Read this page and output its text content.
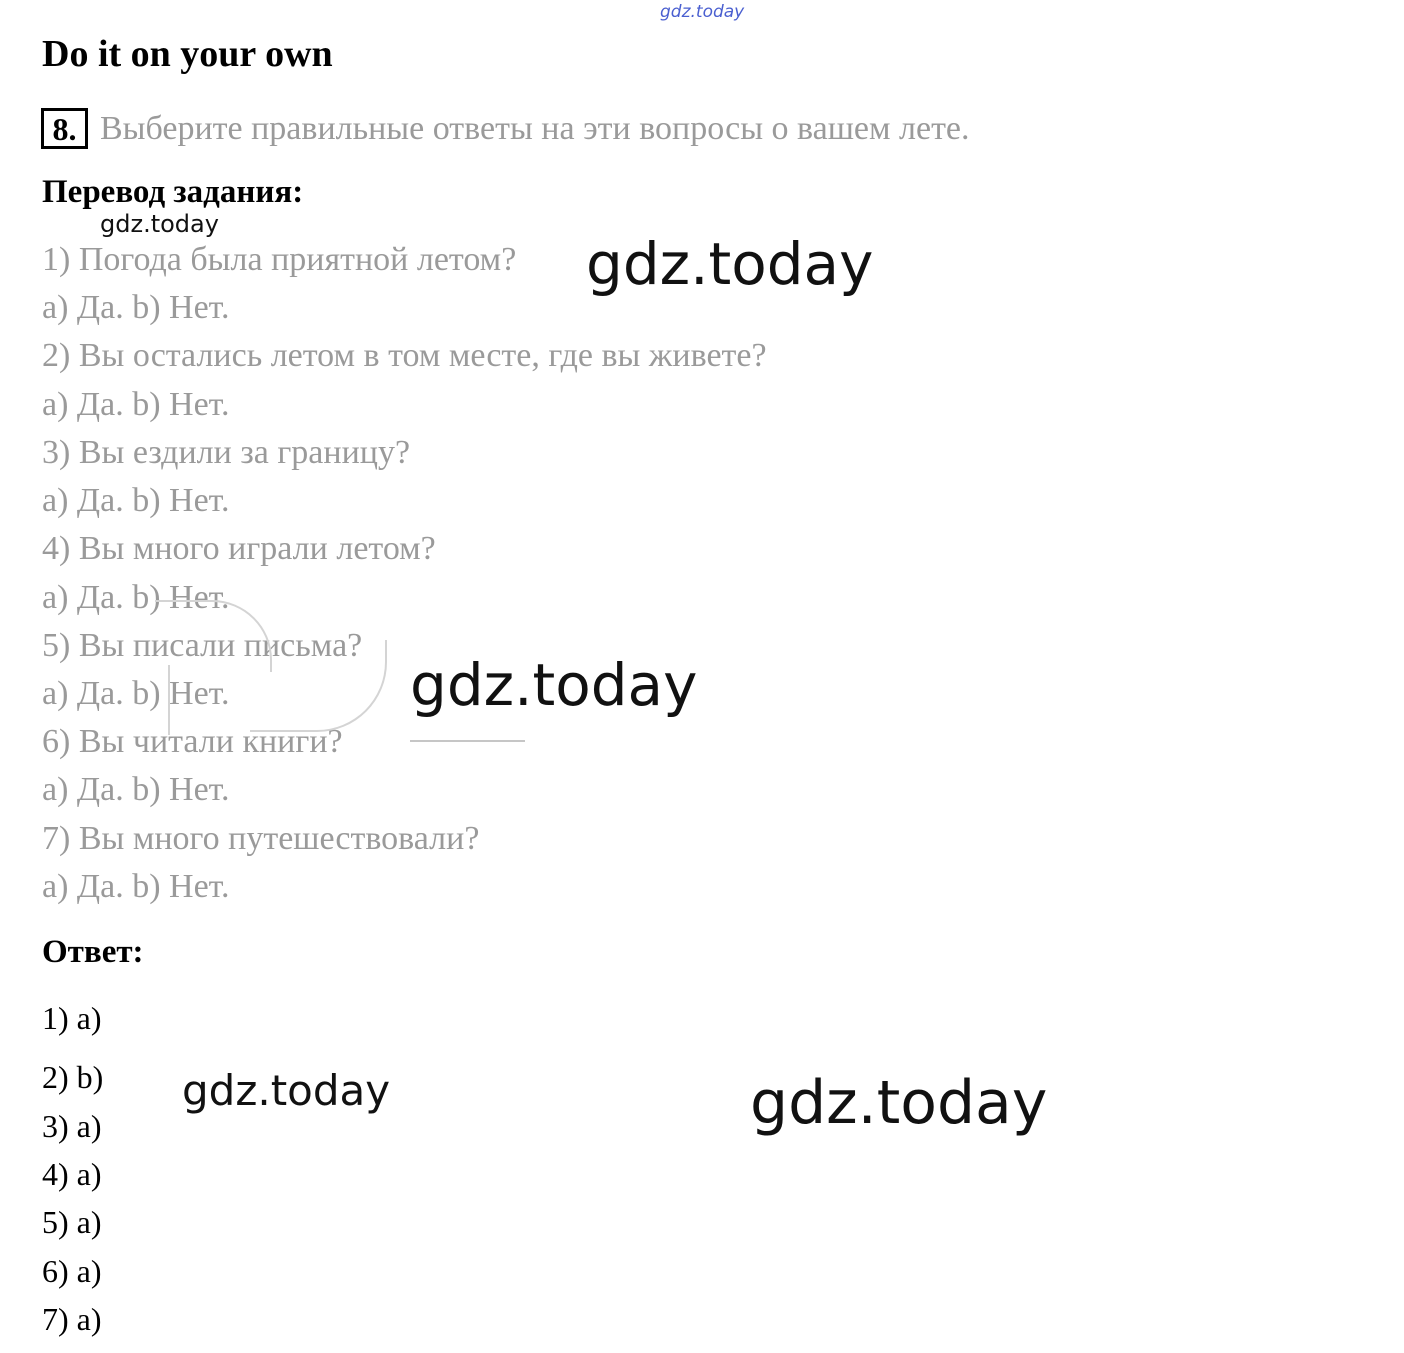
gdz.today
Do it on your own
8. Выберите правильные ответы на эти вопросы о вашем лете.
Перевод задания:
gdz.today
1) Погода была приятной летом?
a) Да. b) Нет.
2) Вы остались летом в том месте, где вы живете?
a) Да. b) Нет.
3) Вы ездили за границу?
a) Да. b) Нет.
4) Вы много играли летом?
a) Да. b) Нет.
5) Вы писали письма?
a) Да. b) Нет.
6) Вы читали книги?
a) Да. b) Нет.
7) Вы много путешествовали?
a) Да. b) Нет.
gdz.today
gdz.today
Ответ:
1) a)
2) b)
3) a)
4) a)
5) a)
6) a)
7) a)
gdz.today	gdz.today
